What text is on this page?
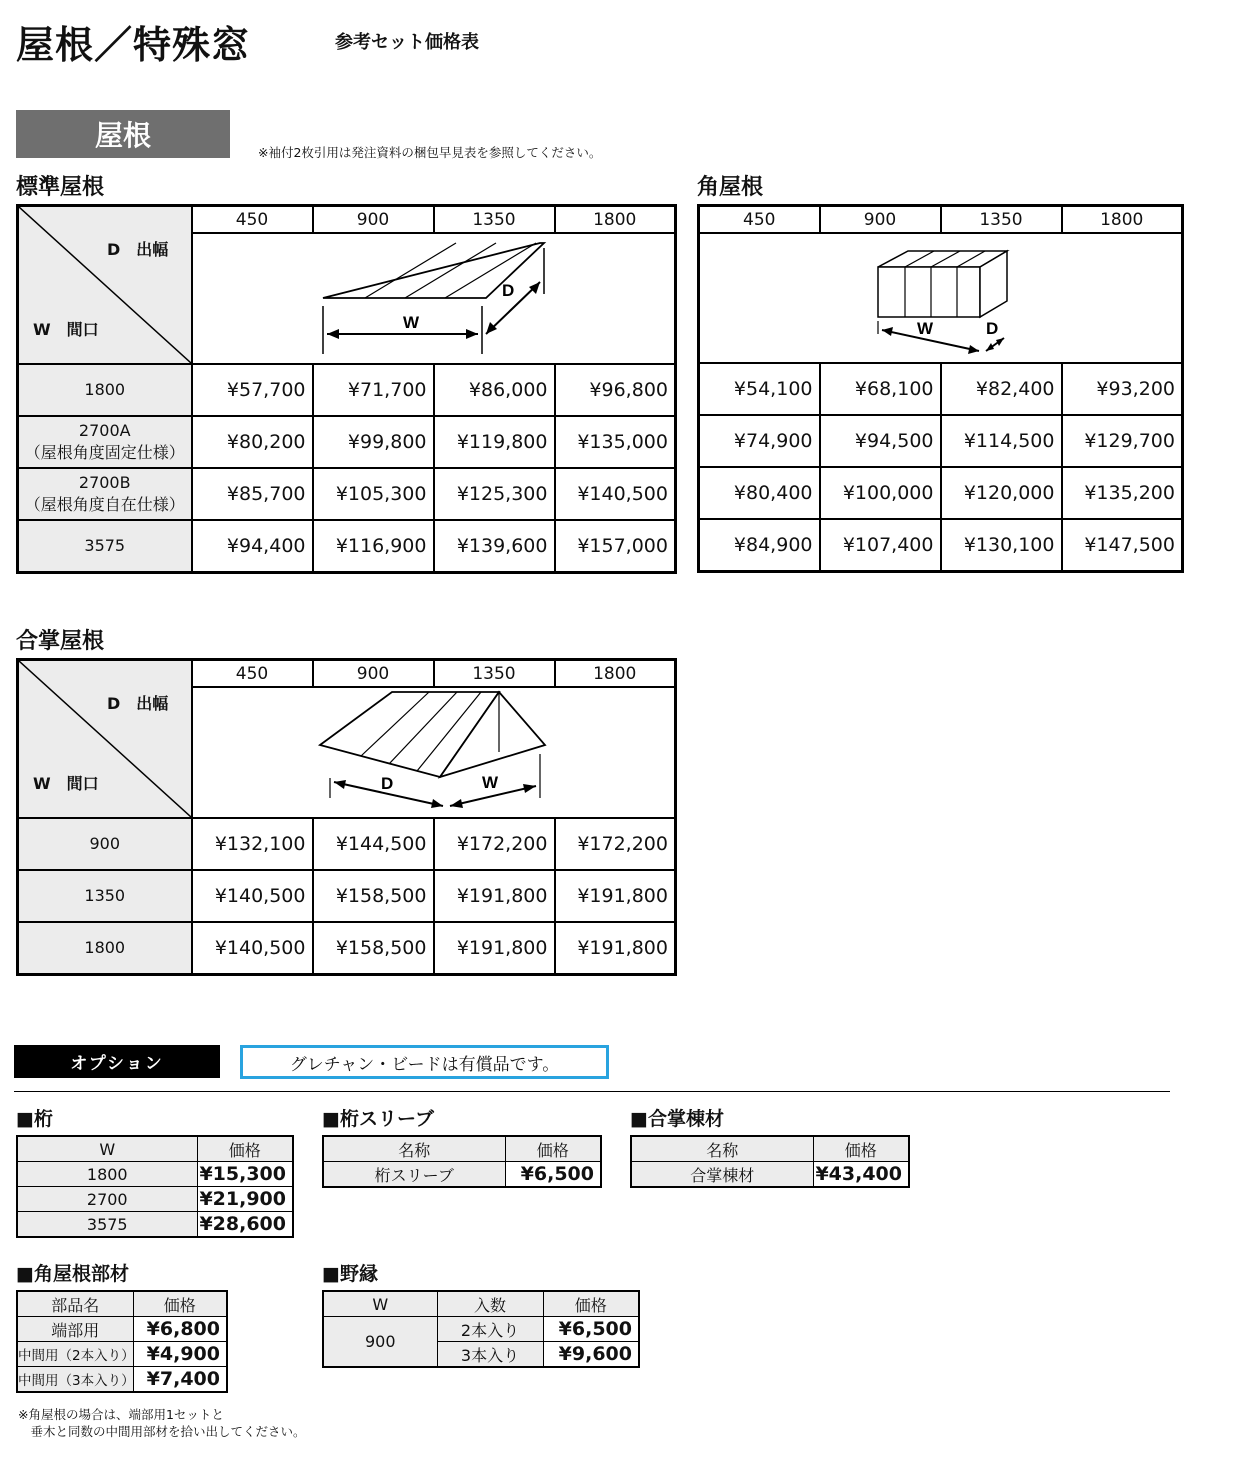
屋根／特殊窓	参考セット価格表
屋根
※袖付2枚引用は発注資料の梱包早見表を参照してください。
標準屋根
D　出幅
W　間口	450	900	1350	1800

W
D			

1800	¥57,700	¥71,700	¥86,000	¥96,800

2700A
（屋根角度固定仕様）	¥80,200	¥99,800	¥119,800	¥135,000

2700B
（屋根角度自在仕様）	¥85,700	¥105,300	¥125,300	¥140,500

3575	¥94,400	¥116,900	¥139,600	¥157,000
角屋根
450	900	1350	1800

W D			

¥54,100	¥68,100	¥82,400	¥93,200
¥74,900	¥94,500	¥114,500	¥129,700
¥80,400	¥100,000	¥120,000	¥135,200
¥84,900	¥107,400	¥130,100	¥147,500
合掌屋根
D　出幅
W　間口	450	900	1350	1800

D W			

900	¥132,100	¥144,500	¥172,200	¥172,200
1350	¥140,500	¥158,500	¥191,800	¥191,800
1800	¥140,500	¥158,500	¥191,800	¥191,800
オプション	グレチャン・ビードは有償品です。
■桁
W	価格
1800	¥15,300
2700	¥21,900
3575	¥28,600
■桁スリーブ
名称	価格
桁スリーブ	¥6,500
■合掌棟材
名称	価格
合掌棟材	¥43,400
■角屋根部材
部品名	価格
端部用	¥6,800
中間用（2本入り）	¥4,900
中間用（3本入り）	¥7,400
■野縁
W	入数	価格
900	2本入り	¥6,500
	3本入り	¥9,600
※角屋根の場合は、端部用1セットと
　垂木と同数の中間用部材を拾い出してください。
